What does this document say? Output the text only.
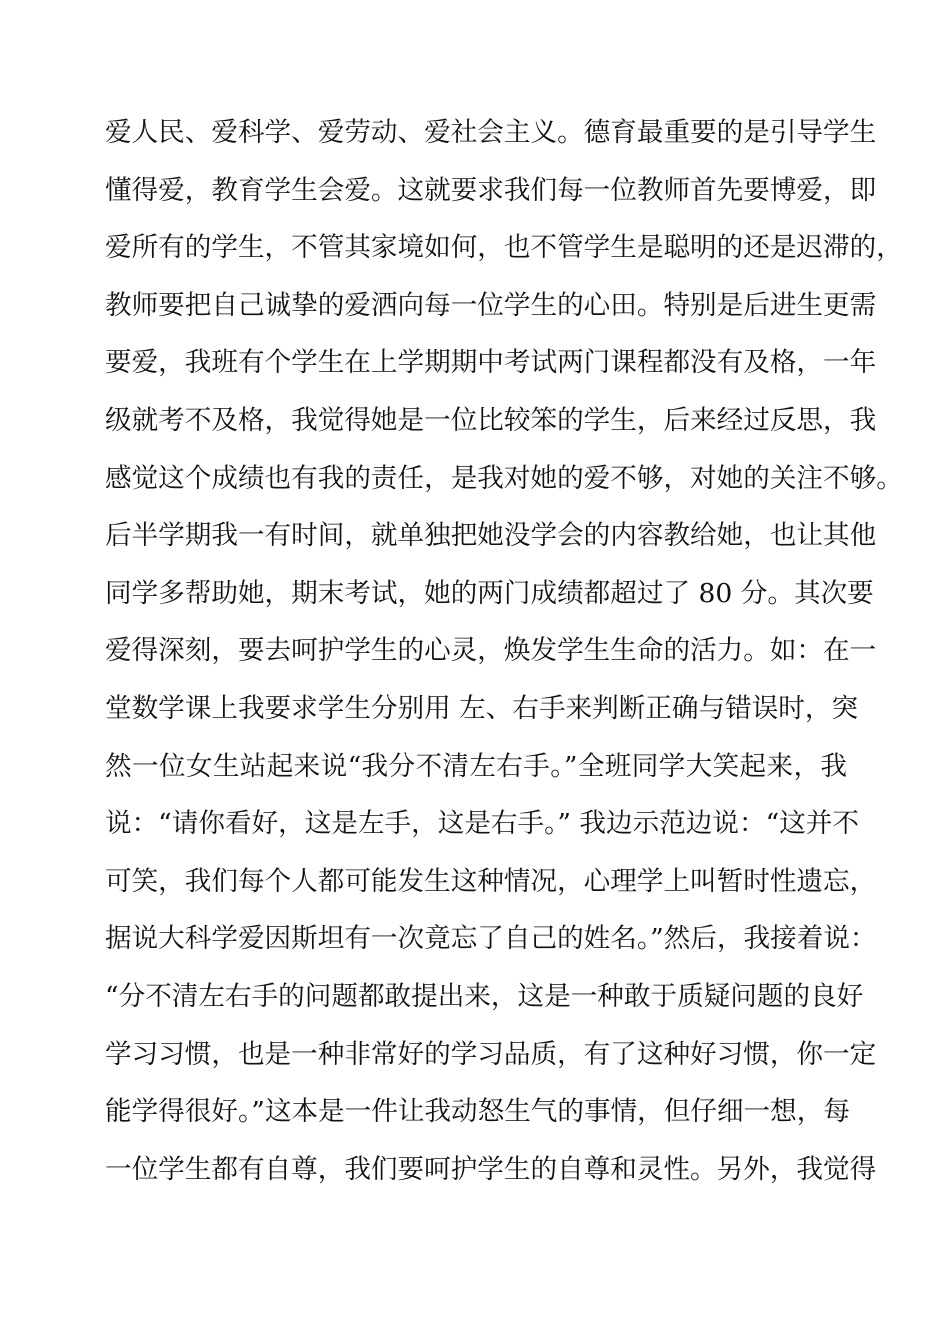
爱人民、爱科学、爱劳动、爱社会主义。德育最重要的是引导学生
懂得爱，教育学生会爱。这就要求我们每一位教师首先要博爱，即
爱所有的学生，不管其家境如何，也不管学生是聪明的还是迟滞的，
教师要把自己诚挚的爱洒向每一位学生的心田。特别是后进生更需
要爱，我班有个学生在上学期期中考试两门课程都没有及格，一年
级就考不及格，我觉得她是一位比较笨的学生，后来经过反思，我
感觉这个成绩也有我的责任，是我对她的爱不够，对她的关注不够。
后半学期我一有时间，就单独把她没学会的内容教给她，也让其他
同学多帮助她，期末考试，她的两门成绩都超过了 80 分。其次要
爱得深刻，要去呵护学生的心灵，焕发学生生命的活力。如：在一
堂数学课上我要求学生分别用 左、右手来判断正确与错误时，突
然一位女生站起来说“我分不清左右手。”全班同学大笑起来，我
说：“请你看好，这是左手，这是右手。” 我边示范边说：“这并不
可笑，我们每个人都可能发生这种情况，心理学上叫暂时性遗忘，
据说大科学爱因斯坦有一次竟忘了自己的姓名。”然后，我接着说：
“分不清左右手的问题都敢提出来，这是一种敢于质疑问题的良好
学习习惯，也是一种非常好的学习品质，有了这种好习惯，你一定
能学得很好。”这本是一件让我动怒生气的事情，但仔细一想，每
一位学生都有自尊，我们要呵护学生的自尊和灵性。另外，我觉得
